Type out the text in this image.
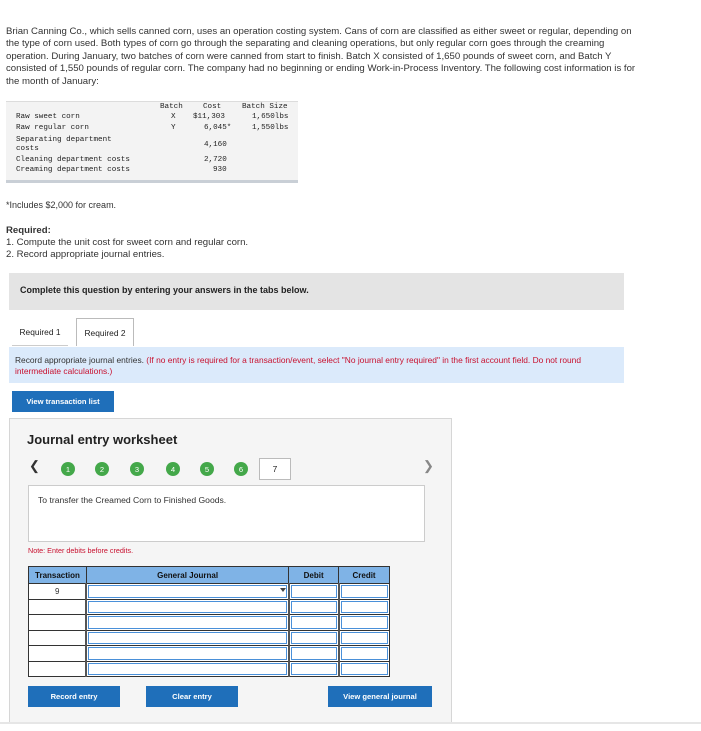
Brian Canning Co., which sells canned corn, uses an operation costing system. Cans of corn are classified as either sweet or regular, depending on the type of corn used. Both types of corn go through the separating and cleaning operations, but only regular corn goes through the creaming operation. During January, two batches of corn were canned from start to finish. Batch X consisted of 1,650 pounds of sweet corn, and Batch Y consisted of 1,550 pounds of regular corn. The company had no beginning or ending Work-in-Process Inventory. The following cost information is for the month of January:
Batch	Cost	Batch Size
Raw sweet corn	X $11,303	1,650lbs
Raw regular corn	Y	6,045*	1,550lbs
Separating department
costs	4,160
Cleaning department costs	2,720
Creaming department costs	930
*Includes $2,000 for cream.
Required:
1. Compute the unit cost for sweet corn and regular corn.
2. Record appropriate journal entries.
Complete this question by entering your answers in the tabs below.
Required 1	Required 2
Record appropriate journal entries. (If no entry is required for a transaction/event, select "No journal entry required" in the first account field. Do not round intermediate calculations.)
View transaction list
Journal entry worksheet
❮	1	2	3	4	5	6	7	❯
To transfer the Creamed Corn to Finished Goods.
Note: Enter debits before credits.
Transaction	General Journal	Debit	Credit
9	

Record entry	Clear entry	View general journal
